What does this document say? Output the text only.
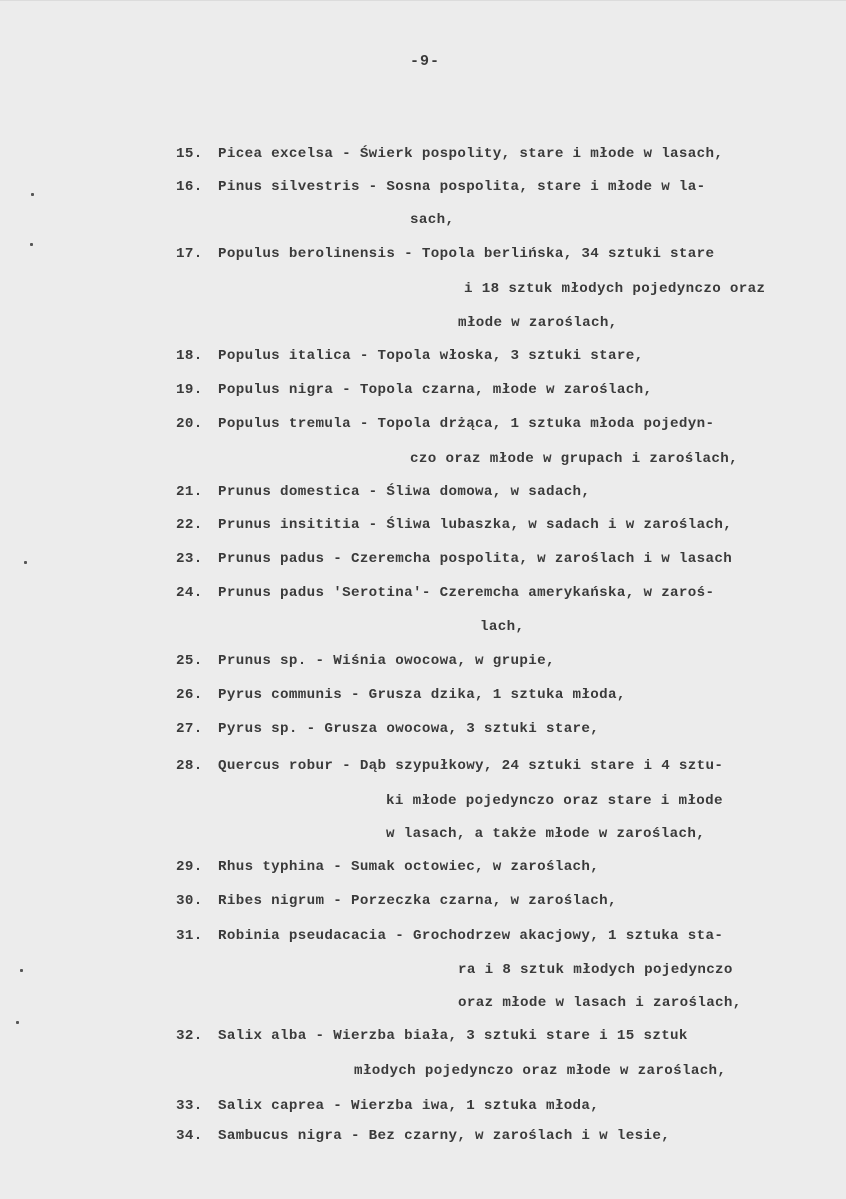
-9-
15. Picea excelsa - Świerk pospolity, stare i młode w lasach,
16. Pinus silvestris - Sosna pospolita, stare i młode w la-
sach,
17. Populus berolinensis - Topola berlińska, 34 sztuki stare
i 18 sztuk młodych pojedynczo oraz
młode w zaroślach,
18. Populus italica - Topola włoska, 3 sztuki stare,
19. Populus nigra - Topola czarna, młode w zaroślach,
20. Populus tremula - Topola drżąca, 1 sztuka młoda pojedyn-
czo oraz młode w grupach i zaroślach,
21. Prunus domestica - Śliwa domowa, w sadach,
22. Prunus insititia - Śliwa lubaszka, w sadach i w zaroślach,
23. Prunus padus - Czeremcha pospolita, w zaroślach i w lasach
24. Prunus padus 'Serotina'- Czeremcha amerykańska, w zaroś-
lach,
25. Prunus sp. - Wiśnia owocowa, w grupie,
26. Pyrus communis - Grusza dzika, 1 sztuka młoda,
27. Pyrus sp. - Grusza owocowa, 3 sztuki stare,
28. Quercus robur - Dąb szypułkowy, 24 sztuki stare i 4 sztu-
ki młode pojedynczo oraz stare i młode
w lasach, a także młode w zaroślach,
29. Rhus typhina - Sumak octowiec, w zaroślach,
30. Ribes nigrum - Porzeczka czarna, w zaroślach,
31. Robinia pseudacacia - Grochodrzew akacjowy, 1 sztuka sta-
ra i 8 sztuk młodych pojedynczo
oraz młode w lasach i zaroślach,
32. Salix alba - Wierzba biała, 3 sztuki stare i 15 sztuk
młodych pojedynczo oraz młode w zaroślach,
33. Salix caprea - Wierzba iwa, 1 sztuka młoda,
34. Sambucus nigra - Bez czarny, w zaroślach i w lesie,
